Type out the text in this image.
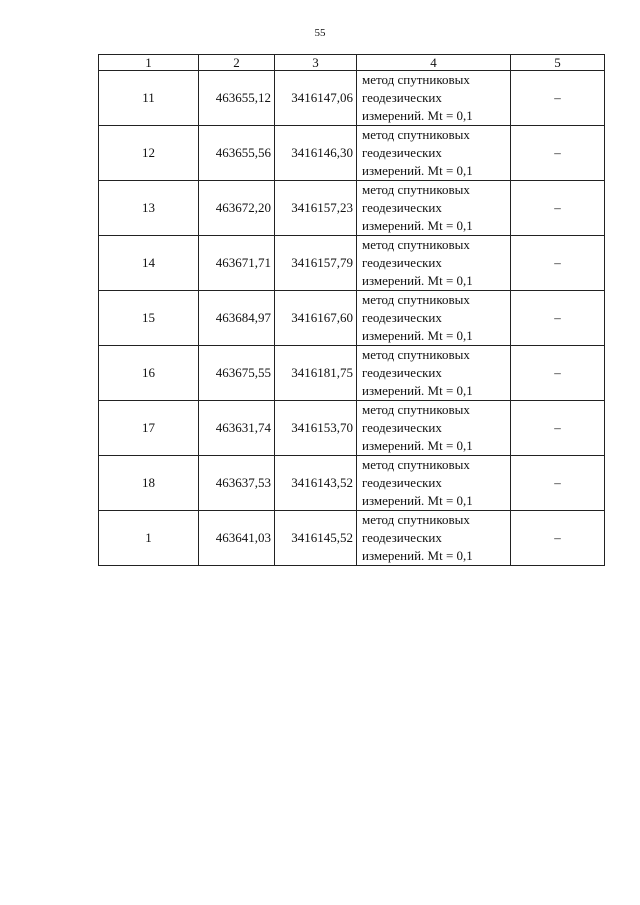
55
1	2	3	4	5
11	463655,12	3416147,06	метод спутниковых
геодезических
измерений. Mt = 0,1	–
12	463655,56	3416146,30	метод спутниковых
геодезических
измерений. Mt = 0,1	–
13	463672,20	3416157,23	метод спутниковых
геодезических
измерений. Mt = 0,1	–
14	463671,71	3416157,79	метод спутниковых
геодезических
измерений. Mt = 0,1	–
15	463684,97	3416167,60	метод спутниковых
геодезических
измерений. Mt = 0,1	–
16	463675,55	3416181,75	метод спутниковых
геодезических
измерений. Mt = 0,1	–
17	463631,74	3416153,70	метод спутниковых
геодезических
измерений. Mt = 0,1	–
18	463637,53	3416143,52	метод спутниковых
геодезических
измерений. Mt = 0,1	–
1	463641,03	3416145,52	метод спутниковых
геодезических
измерений. Mt = 0,1	–
